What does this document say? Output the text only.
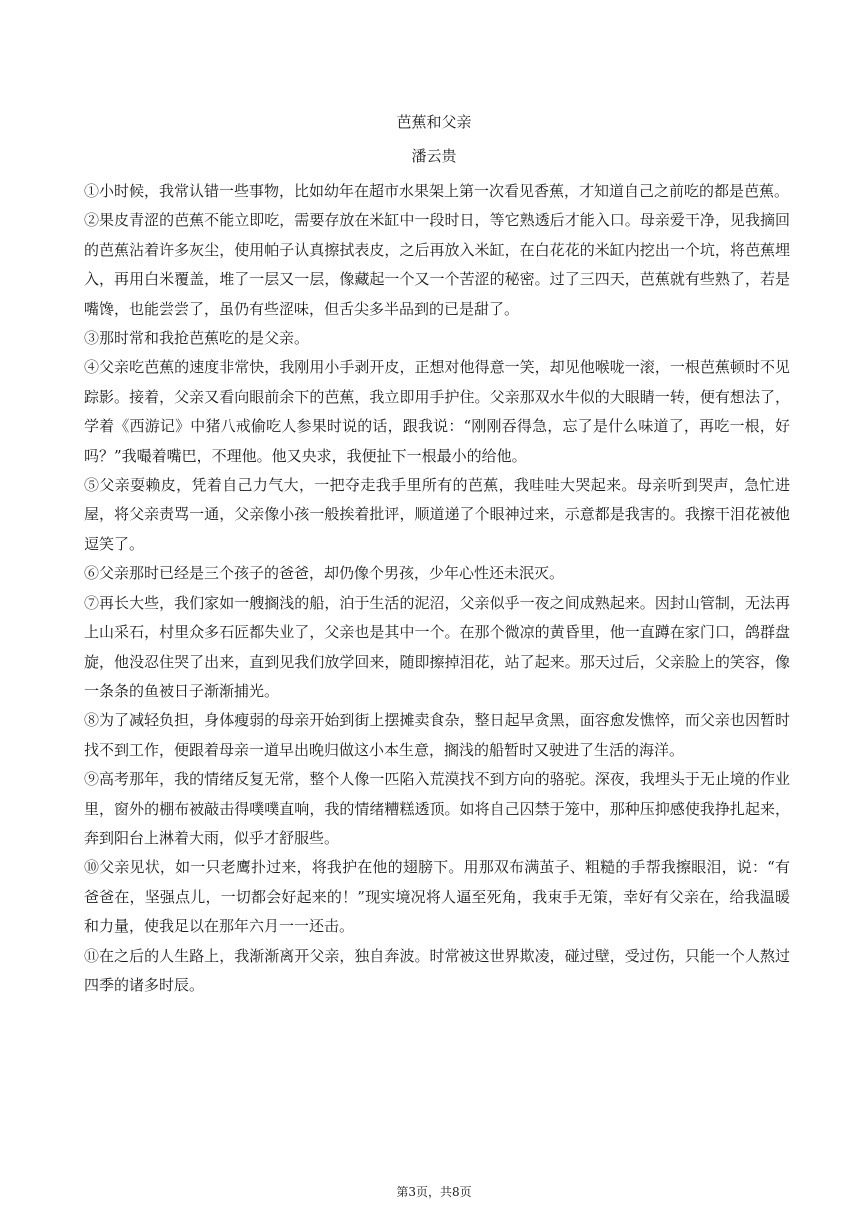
芭蕉和父亲
潘云贵

①小时候，我常认错一些事物，比如幼年在超市水果架上第一次看见香蕉，才知道自己之前吃的都是芭蕉。

②果皮青涩的芭蕉不能立即吃，需要存放在米缸中一段时日，等它熟透后才能入口。母亲爱干净，见我摘回的芭蕉沾着许多灰尘，使用帕子认真擦拭表皮，之后再放入米缸，在白花花的米缸内挖出一个坑，将芭蕉埋入，再用白米覆盖，堆了一层又一层，像藏起一个又一个苦涩的秘密。过了三四天，芭蕉就有些熟了，若是嘴馋，也能尝尝了，虽仍有些涩味，但舌尖多半品到的已是甜了。

③那时常和我抢芭蕉吃的是父亲。

④父亲吃芭蕉的速度非常快，我刚用小手剥开皮，正想对他得意一笑，却见他喉咙一滚，一根芭蕉顿时不见踪影。接着，父亲又看向眼前余下的芭蕉，我立即用手护住。父亲那双水牛似的大眼睛一转，便有想法了，学着《西游记》中猪八戒偷吃人参果时说的话，跟我说：“刚刚吞得急，忘了是什么味道了，再吃一根，好吗？”我嘬着嘴巴，不理他。他又央求，我便扯下一根最小的给他。

⑤父亲耍赖皮，凭着自己力气大，一把夺走我手里所有的芭蕉，我哇哇大哭起来。母亲听到哭声，急忙进屋，将父亲责骂一通，父亲像小孩一般挨着批评，顺道递了个眼神过来，示意都是我害的。我擦干泪花被他逗笑了。

⑥父亲那时已经是三个孩子的爸爸，却仍像个男孩，少年心性还未泯灭。

⑦再长大些，我们家如一艘搁浅的船，泊于生活的泥沼，父亲似乎一夜之间成熟起来。因封山管制，无法再上山采石，村里众多石匠都失业了，父亲也是其中一个。在那个微凉的黄昏里，他一直蹲在家门口，鸽群盘旋，他没忍住哭了出来，直到见我们放学回来，随即擦掉泪花，站了起来。那天过后，父亲脸上的笑容，像一条条的鱼被日子渐渐捕光。

⑧为了减轻负担，身体瘦弱的母亲开始到街上摆摊卖食杂，整日起早贪黑，面容愈发憔悴，而父亲也因暂时找不到工作，便跟着母亲一道早出晚归做这小本生意，搁浅的船暂时又驶进了生活的海洋。

⑨高考那年，我的情绪反复无常，整个人像一匹陷入荒漠找不到方向的骆驼。深夜，我埋头于无止境的作业里，窗外的棚布被敲击得噗噗直响，我的情绪糟糕透顶。如将自己囚禁于笼中，那种压抑感使我挣扎起来，奔到阳台上淋着大雨，似乎才舒服些。

⑩父亲见状，如一只老鹰扑过来，将我护在他的翅膀下。用那双布满茧子、粗糙的手帮我擦眼泪，说：“有爸爸在，坚强点儿，一切都会好起来的！”现实境况将人逼至死角，我束手无策，幸好有父亲在，给我温暖和力量，使我足以在那年六月一一还击。

⑪在之后的人生路上，我渐渐离开父亲，独自奔波。时常被这世界欺凌，碰过壁，受过伤，只能一个人熬过四季的诸多时辰。

第3页，共8页
